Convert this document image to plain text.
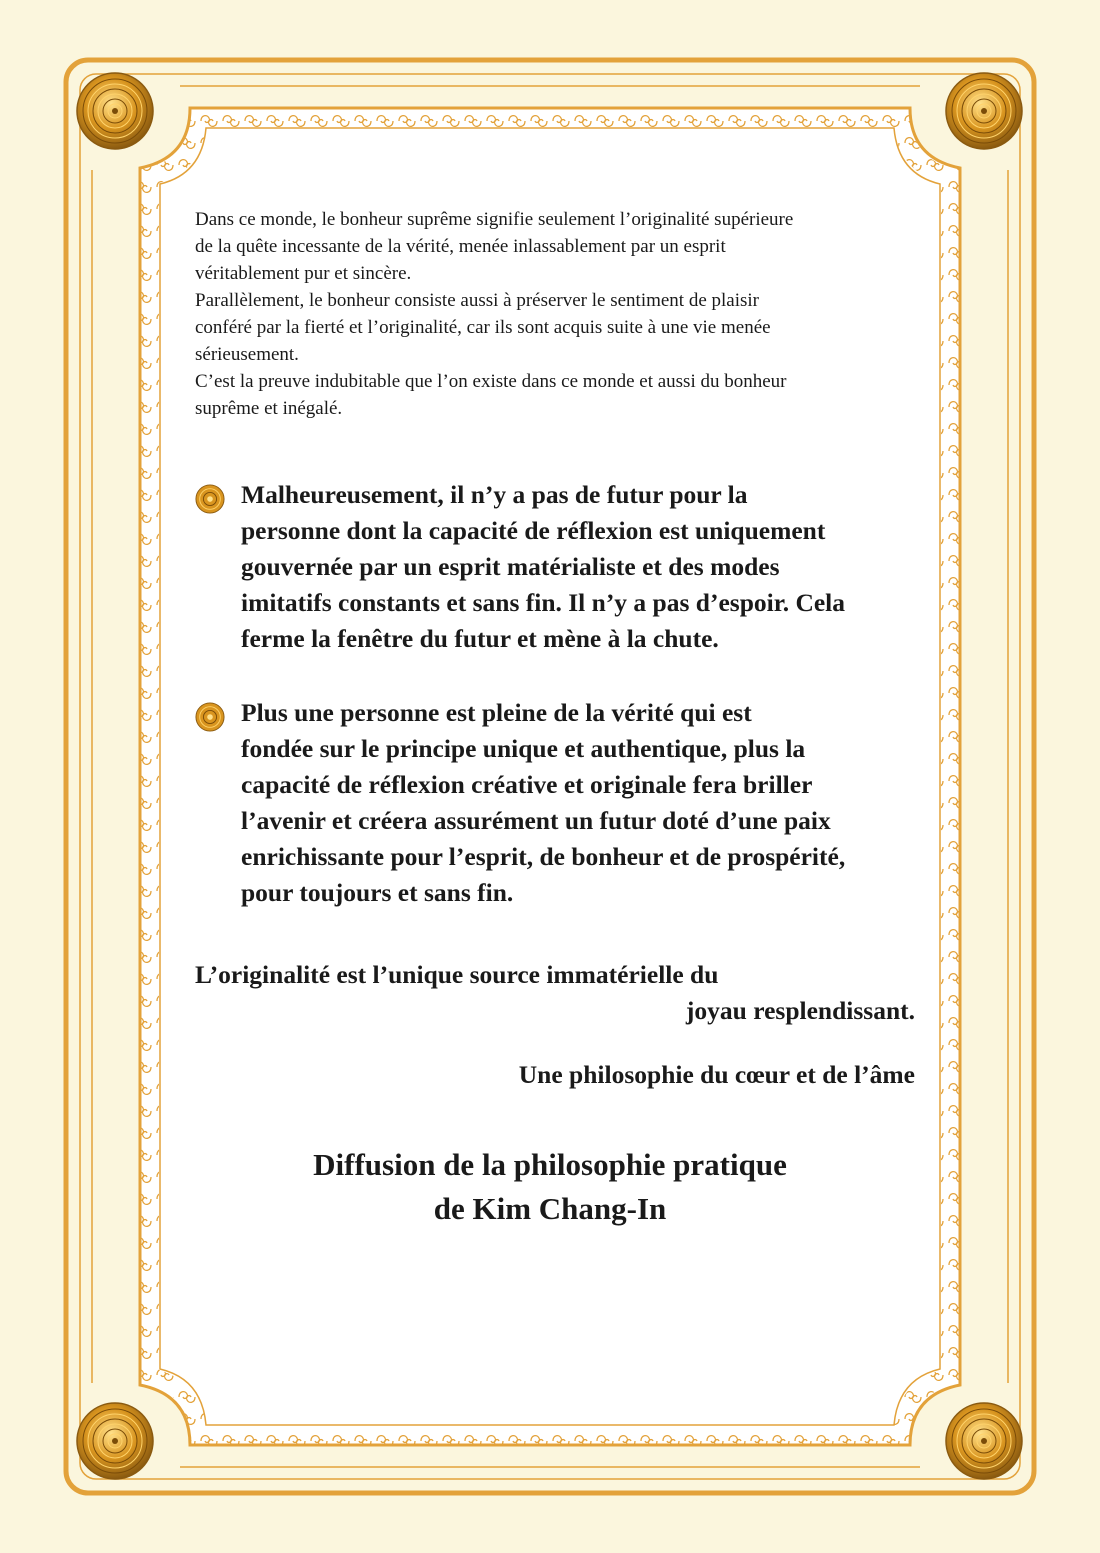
Dans ce monde, le bonheur suprême signifie seulement l’originalité supérieure

de la quête incessante de la vérité, menée inlassablement par un esprit

véritablement pur et sincère.

Parallèlement, le bonheur consiste aussi à préserver le sentiment de plaisir

conféré par la fierté et l’originalité, car ils sont acquis suite à une vie menée

sérieusement.

C’est la preuve indubitable que l’on existe dans ce monde et aussi du bonheur

suprême et inégalé.

Malheureusement, il n’y a pas de futur pour la
personne dont la capacité de réflexion est uniquement
gouvernée par un esprit matérialiste et des modes
imitatifs constants et sans fin. Il n’y a pas d’espoir. Cela
ferme la fenêtre du futur et mène à la chute.
Plus une personne est pleine de la vérité qui est
fondée sur le principe unique et authentique, plus la
capacité de réflexion créative et originale fera briller
l’avenir et créera assurément un futur doté d’une paix
enrichissante pour l’esprit, de bonheur et de prospérité,
pour toujours et sans fin.
L’originalité est l’unique source immatérielle du
joyau resplendissant.
Une philosophie du cœur et de l’âme
Diffusion de la philosophie pratique
de Kim Chang-In
